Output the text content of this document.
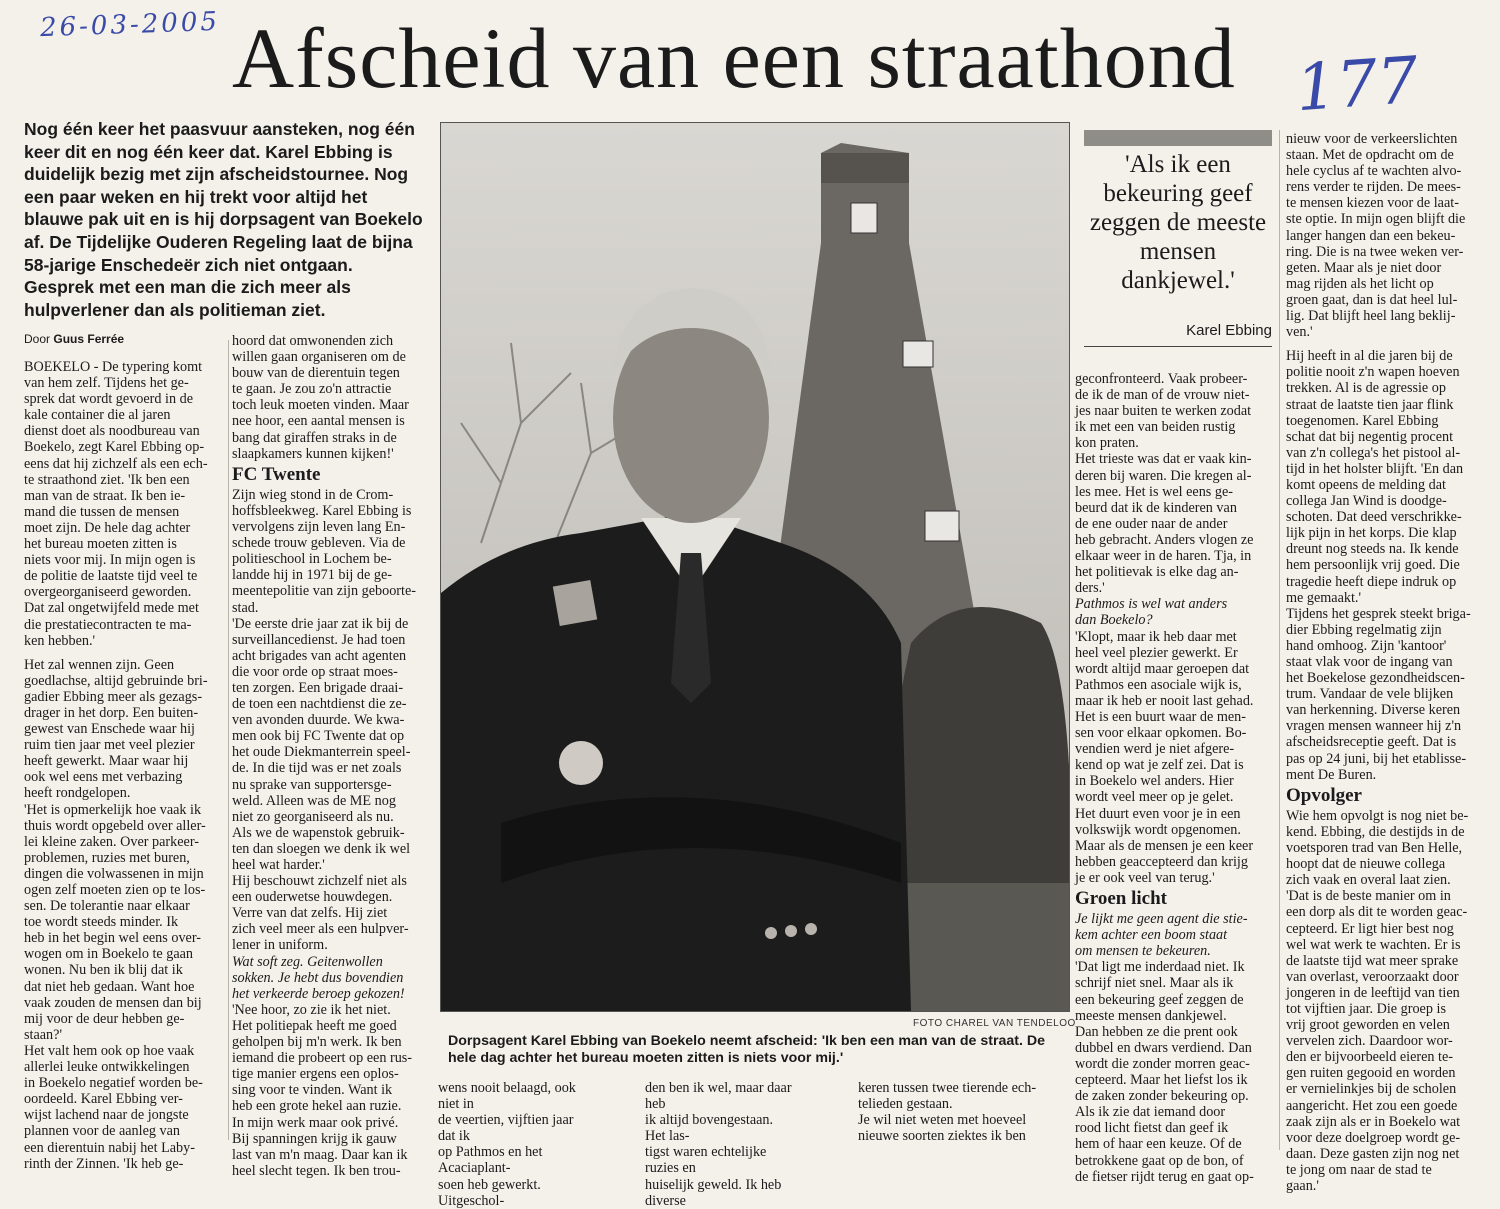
26-03-2005
177
Afscheid van een straathond
Nog één keer het paasvuur aansteken, nog één keer dit en nog één keer dat. Karel Ebbing is duidelijk bezig met zijn afscheidstournee. Nog een paar weken en hij trekt voor altijd het blauwe pak uit en is hij dorpsagent van Boekelo af. De Tijdelijke Ouderen Regeling laat de bijna 58-jarige Enschedeër zich niet ontgaan. Gesprek met een man die zich meer als hulpverlener dan als politieman ziet.
Door Guus Ferrée

BOEKELO - De typering komt
van hem zelf. Tijdens het ge-
sprek dat wordt gevoerd in de
kale container die al jaren
dienst doet als noodbureau van
Boekelo, zegt Karel Ebbing op-
eens dat hij zichzelf als een ech-
te straathond ziet. 'Ik ben een
man van de straat. Ik ben ie-
mand die tussen de mensen
moet zijn. De hele dag achter
het bureau moeten zitten is
niets voor mij. In mijn ogen is
de politie de laatste tijd veel te
overgeorganiseerd geworden.
Dat zal ongetwijfeld mede met
die prestatiecontracten te ma-
ken hebben.'

Het zal wennen zijn. Geen
goedlachse, altijd gebruinde bri-
gadier Ebbing meer als gezags-
drager in het dorp. Een buiten-
gewest van Enschede waar hij
ruim tien jaar met veel plezier
heeft gewerkt. Maar waar hij
ook wel eens met verbazing
heeft rondgelopen.
'Het is opmerkelijk hoe vaak ik
thuis wordt opgebeld over aller-
lei kleine zaken. Over parkeer-
problemen, ruzies met buren,
dingen die volwassenen in mijn
ogen zelf moeten zien op te los-
sen. De tolerantie naar elkaar
toe wordt steeds minder. Ik
heb in het begin wel eens over-
wogen om in Boekelo te gaan
wonen. Nu ben ik blij dat ik
dat niet heb gedaan. Want hoe
vaak zouden de mensen dan bij
mij voor de deur hebben ge-
staan?'
Het valt hem ook op hoe vaak
allerlei leuke ontwikkelingen
in Boekelo negatief worden be-
oordeeld. Karel Ebbing ver-
wijst lachend naar de jongste
plannen voor de aanleg van
een dierentuin nabij het Laby-
rinth der Zinnen. 'Ik heb ge-

hoord dat omwonenden zich
willen gaan organiseren om de
bouw van de dierentuin tegen
te gaan. Je zou zo'n attractie
toch leuk moeten vinden. Maar
nee hoor, een aantal mensen is
bang dat giraffen straks in de
slaapkamers kunnen kijken!'

FC Twente

Zijn wieg stond in de Crom-
hoffsbleekweg. Karel Ebbing is
vervolgens zijn leven lang En-
schede trouw gebleven. Via de
politieschool in Lochem be-
landde hij in 1971 bij de ge-
meentepolitie van zijn geboorte-
stad.
'De eerste drie jaar zat ik bij de
surveillancedienst. Je had toen
acht brigades van acht agenten
die voor orde op straat moes-
ten zorgen. Een brigade draai-
de toen een nachtdienst die ze-
ven avonden duurde. We kwa-
men ook bij FC Twente dat op
het oude Diekmanterrein speel-
de. In die tijd was er net zoals
nu sprake van supportersge-
weld. Alleen was de ME nog
niet zo georganiseerd als nu.
Als we de wapenstok gebruik-
ten dan sloegen we denk ik wel
heel wat harder.'
Hij beschouwt zichzelf niet als
een ouderwetse houwdegen.
Verre van dat zelfs. Hij ziet
zich veel meer als een hulpver-
lener in uniform.

Wat soft zeg. Geitenwollen
sokken. Je hebt dus bovendien
het verkeerde beroep gekozen!

'Nee hoor, zo zie ik het niet.
Het politiepak heeft me goed
geholpen bij m'n werk. Ik ben
iemand die probeert op een rus-
tige manier ergens een oplos-
sing voor te vinden. Want ik
heb een grote hekel aan ruzie.
In mijn werk maar ook privé.
Bij spanningen krijg ik gauw
last van m'n maag. Daar kan ik
heel slecht tegen. Ik ben trou-

FOTO CHAREL VAN TENDELOO
Dorpsagent Karel Ebbing van Boekelo neemt afscheid: 'Ik ben een man van de straat. De hele dag achter het bureau moeten zitten is niets voor mij.'
wens nooit belaagd, ook niet in
de veertien, vijftien jaar dat ik
op Pathmos en het Acaciaplant-
soen heb gewerkt. Uitgeschol-
den ben ik wel, maar daar heb
ik altijd bovengestaan. Het las-
tigst waren echtelijke ruzies en
huiselijk geweld. Ik heb diverse
keren tussen twee tierende ech-
telieden gestaan.
Je wil niet weten met hoeveel
nieuwe soorten ziektes ik ben
'Als ik een bekeuring geef zeggen de meeste mensen dankjewel.'
Karel Ebbing

geconfronteerd. Vaak probeer-
de ik de man of de vrouw niet-
jes naar buiten te werken zodat
ik met een van beiden rustig
kon praten.
Het trieste was dat er vaak kin-
deren bij waren. Die kregen al-
les mee. Het is wel eens ge-
beurd dat ik de kinderen van
de ene ouder naar de ander
heb gebracht. Anders vlogen ze
elkaar weer in de haren. Tja, in
het politievak is elke dag an-
ders.'

Pathmos is wel wat anders
dan Boekelo?

'Klopt, maar ik heb daar met
heel veel plezier gewerkt. Er
wordt altijd maar geroepen dat
Pathmos een asociale wijk is,
maar ik heb er nooit last gehad.
Het is een buurt waar de men-
sen voor elkaar opkomen. Bo-
vendien werd je niet afgere-
kend op wat je zelf zei. Dat is
in Boekelo wel anders. Hier
wordt veel meer op je gelet.
Het duurt even voor je in een
volkswijk wordt opgenomen.
Maar als de mensen je een keer
hebben geaccepteerd dan krijg
je er ook veel van terug.'

Groen licht

Je lijkt me geen agent die stie-
kem achter een boom staat
om mensen te bekeuren.

'Dat ligt me inderdaad niet. Ik
schrijf niet snel. Maar als ik
een bekeuring geef zeggen de
meeste mensen dankjewel.
Dan hebben ze die prent ook
dubbel en dwars verdiend. Dan
wordt die zonder morren geac-
cepteerd. Maar het liefst los ik
de zaken zonder bekeuring op.
Als ik zie dat iemand door
rood licht fietst dan geef ik
hem of haar een keuze. Of de
betrokkene gaat op de bon, of
de fietser rijdt terug en gaat op-

nieuw voor de verkeerslichten
staan. Met de opdracht om de
hele cyclus af te wachten alvo-
rens verder te rijden. De mees-
te mensen kiezen voor de laat-
ste optie. In mijn ogen blijft die
langer hangen dan een bekeu-
ring. Die is na twee weken ver-
geten. Maar als je niet door
mag rijden als het licht op
groen gaat, dan is dat heel lul-
lig. Dat blijft heel lang beklij-
ven.'

Hij heeft in al die jaren bij de
politie nooit z'n wapen hoeven
trekken. Al is de agressie op
straat de laatste tien jaar flink
toegenomen. Karel Ebbing
schat dat bij negentig procent
van z'n collega's het pistool al-
tijd in het holster blijft. 'En dan
komt opeens de melding dat
collega Jan Wind is doodge-
schoten. Dat deed verschrikke-
lijk pijn in het korps. Die klap
dreunt nog steeds na. Ik kende
hem persoonlijk vrij goed. Die
tragedie heeft diepe indruk op
me gemaakt.'
Tijdens het gesprek steekt briga-
dier Ebbing regelmatig zijn
hand omhoog. Zijn 'kantoor'
staat vlak voor de ingang van
het Boekelose gezondheidscen-
trum. Vandaar de vele blijken
van herkenning. Diverse keren
vragen mensen wanneer hij z'n
afscheidsreceptie geeft. Dat is
pas op 24 juni, bij het etablisse-
ment De Buren.

Opvolger

Wie hem opvolgt is nog niet be-
kend. Ebbing, die destijds in de
voetsporen trad van Ben Helle,
hoopt dat de nieuwe collega
zich vaak en overal laat zien.
'Dat is de beste manier om in
een dorp als dit te worden geac-
cepteerd. Er ligt hier best nog
wel wat werk te wachten. Er is
de laatste tijd wat meer sprake
van overlast, veroorzaakt door
jongeren in de leeftijd van tien
tot vijftien jaar. Die groep is
vrij groot geworden en velen
vervelen zich. Daardoor wor-
den er bijvoorbeeld eieren te-
gen ruiten gegooid en worden
er vernielinkjes bij de scholen
aangericht. Het zou een goede
zaak zijn als er in Boekelo wat
voor deze doelgroep wordt ge-
daan. Deze gasten zijn nog net
te jong om naar de stad te
gaan.'
